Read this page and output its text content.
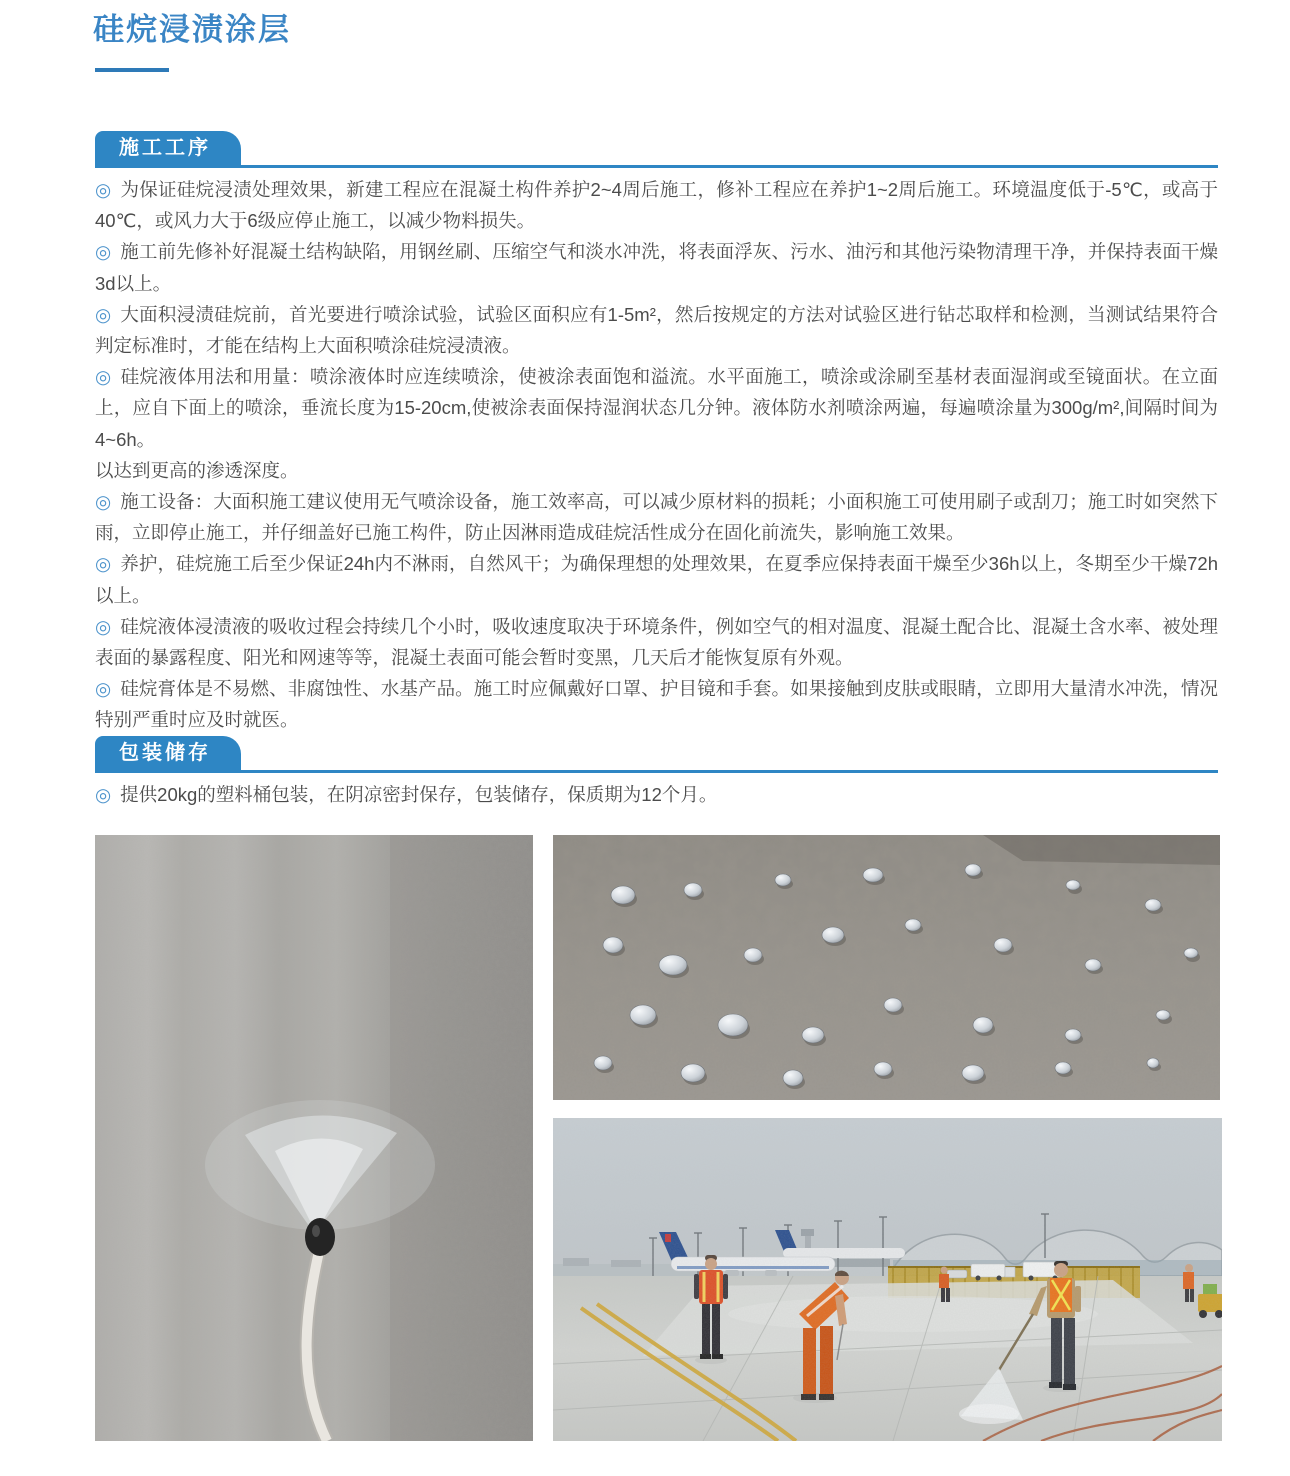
硅烷浸渍涂层
施工工序

◎ 为保证硅烷浸渍处理效果，新建工程应在混凝土构件养护2~4周后施工，修补工程应在养护1~2周后施工。环境温度低于-5℃，或高于40℃，或风力大于6级应停止施工，以减少物料损失。

◎ 施工前先修补好混凝土结构缺陷，用钢丝刷、压缩空气和淡水冲洗，将表面浮灰、污水、油污和其他污染物清理干净，并保持表面干燥3d以上。

◎ 大面积浸渍硅烷前，首光要进行喷涂试验，试验区面积应有1-5m²，然后按规定的方法对试验区进行钻芯取样和检测，当测试结果符合判定标准时，才能在结构上大面积喷涂硅烷浸渍液。

◎ 硅烷液体用法和用量：喷涂液体时应连续喷涂，使被涂表面饱和溢流。水平面施工，喷涂或涂刷至基材表面湿润或至镜面状。在立面上，应自下面上的喷涂，垂流长度为15-20cm,使被涂表面保持湿润状态几分钟。液体防水剂喷涂两遍，每遍喷涂量为300g/m²,间隔时间为4~6h。

以达到更高的渗透深度。

◎ 施工设备：大面积施工建议使用无气喷涂设备，施工效率高，可以减少原材料的损耗；小面积施工可使用刷子或刮刀；施工时如突然下雨，立即停止施工，并仔细盖好已施工构件，防止因淋雨造成硅烷活性成分在固化前流失，影响施工效果。

◎ 养护，硅烷施工后至少保证24h内不淋雨，自然风干；为确保理想的处理效果，在夏季应保持表面干燥至少36h以上，冬期至少干燥72h以上。

◎ 硅烷液体浸渍液的吸收过程会持续几个小时，吸收速度取决于环境条件，例如空气的相对温度、混凝土配合比、混凝土含水率、被处理表面的暴露程度、阳光和网速等等，混凝土表面可能会暂时变黑，几天后才能恢复原有外观。

◎ 硅烷膏体是不易燃、非腐蚀性、水基产品。施工时应佩戴好口罩、护目镜和手套。如果接触到皮肤或眼睛，立即用大量清水冲洗，情况特别严重时应及时就医。

包装储存

◎ 提供20kg的塑料桶包装，在阴凉密封保存，包装储存，保质期为12个月。
